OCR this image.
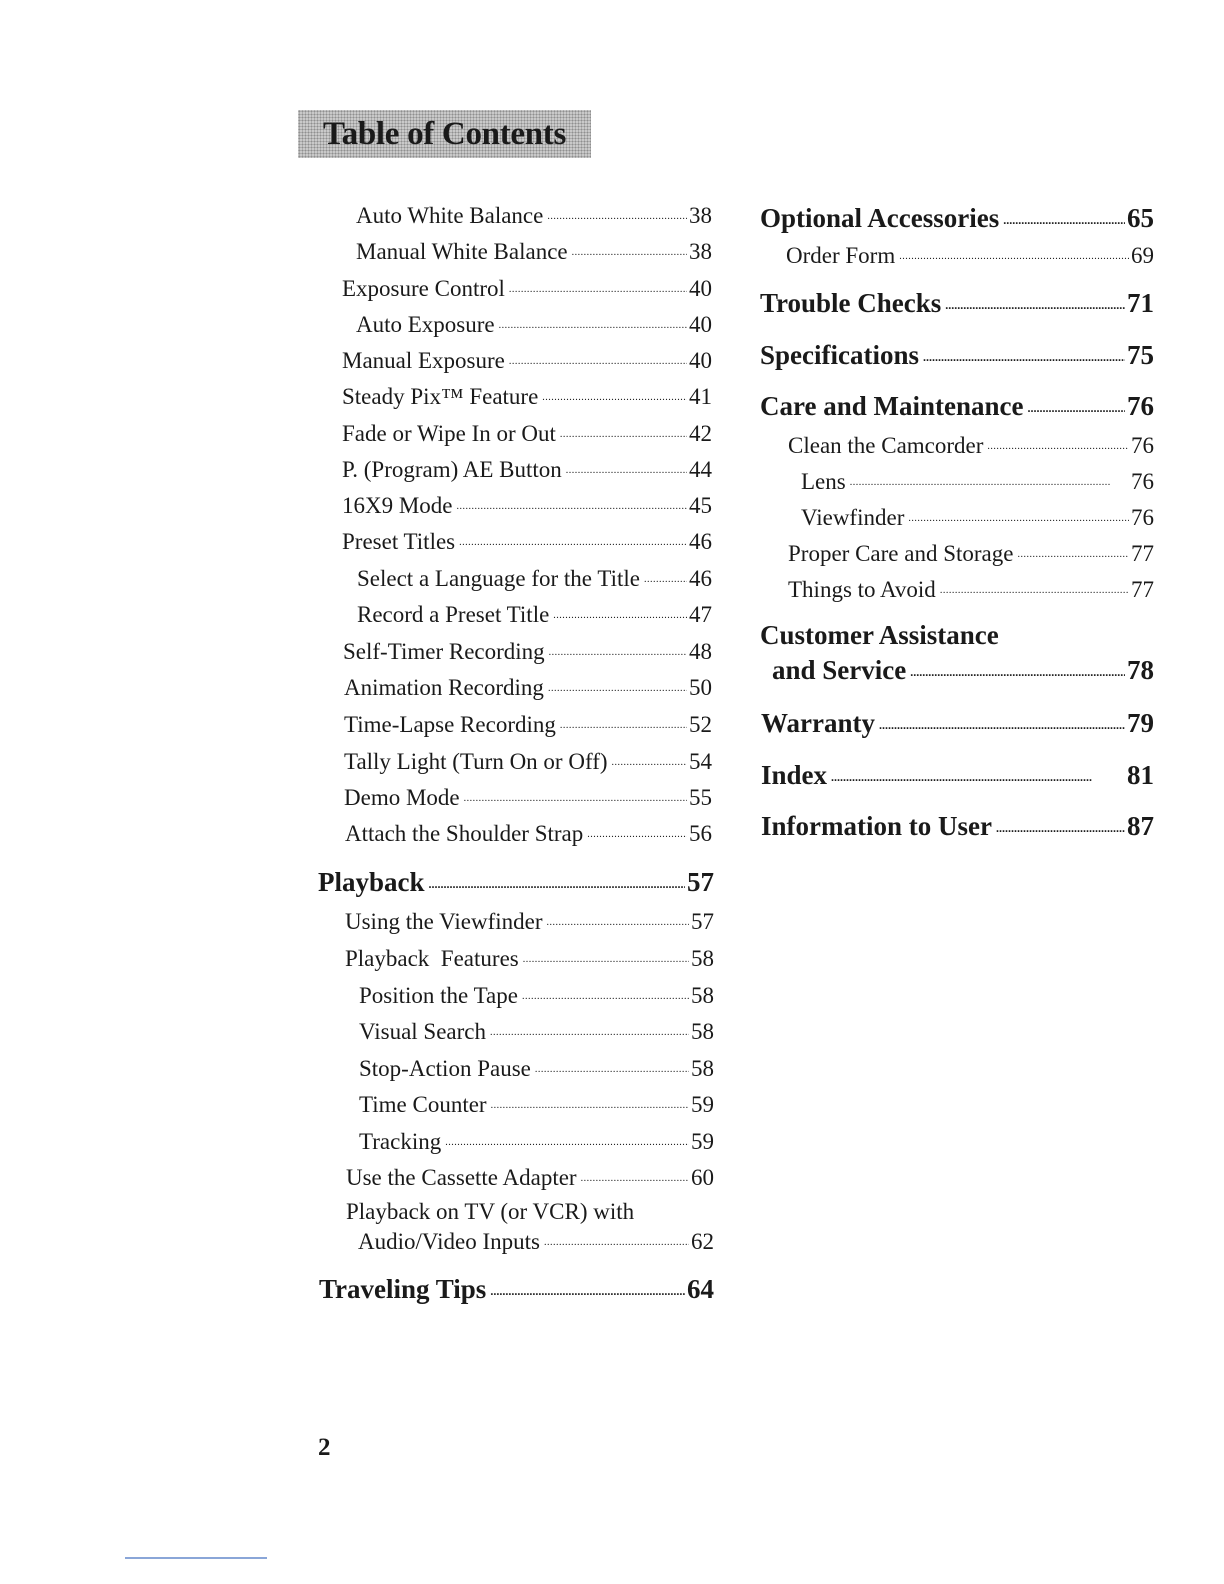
Table of Contents
Auto White Balance . . .	38
Manual White Balance . . .	38
Exposure Control . . .	40
Auto Exposure . . .	40
Manual Exposure . . .	40
Steady Pix™ Feature . . .	41
Fade or Wipe In or Out . . .	42
P. (Program) AE Button . . .	44
16X9 Mode . . .	45
Preset Titles . . .	46
Select a Language for the Title . . . 46
Record a Preset Title . . .	47
Self-Timer Recording . . .	48
Animation Recording . . .	50
Time-Lapse Recording . . .	52
Tally Light (Turn On or Off) . . .	54
Demo Mode . . .	55
Attach the Shoulder Strap . . .	56
Playback . . .	57
Using the Viewfinder . . .	57
Playback  Features . . .	58
Position the Tape . . .	58
Visual Search . . .	58
Stop-Action Pause . . .	58
Time Counter . . .	59
Tracking . . .	59
Use the Cassette Adapter . . .	60
Playback on TV (or VCR) with
Audio/Video Inputs . . .	62
Traveling Tips . . .	64
Optional Accessories . . .	65
Order Form . . .	69
Trouble Checks . . .	71
Specifications . . .	75
Care and Maintenance . . .	76
Clean the Camcorder . . .	76
Lens . . .	76
Viewfinder . . .	76
Proper Care and Storage . . .	77
Things to Avoid . . .	77
Customer Assistance
and Service . . .	78
Warranty . . .	79
Index . . .	81
Information to User . . .	87
2
